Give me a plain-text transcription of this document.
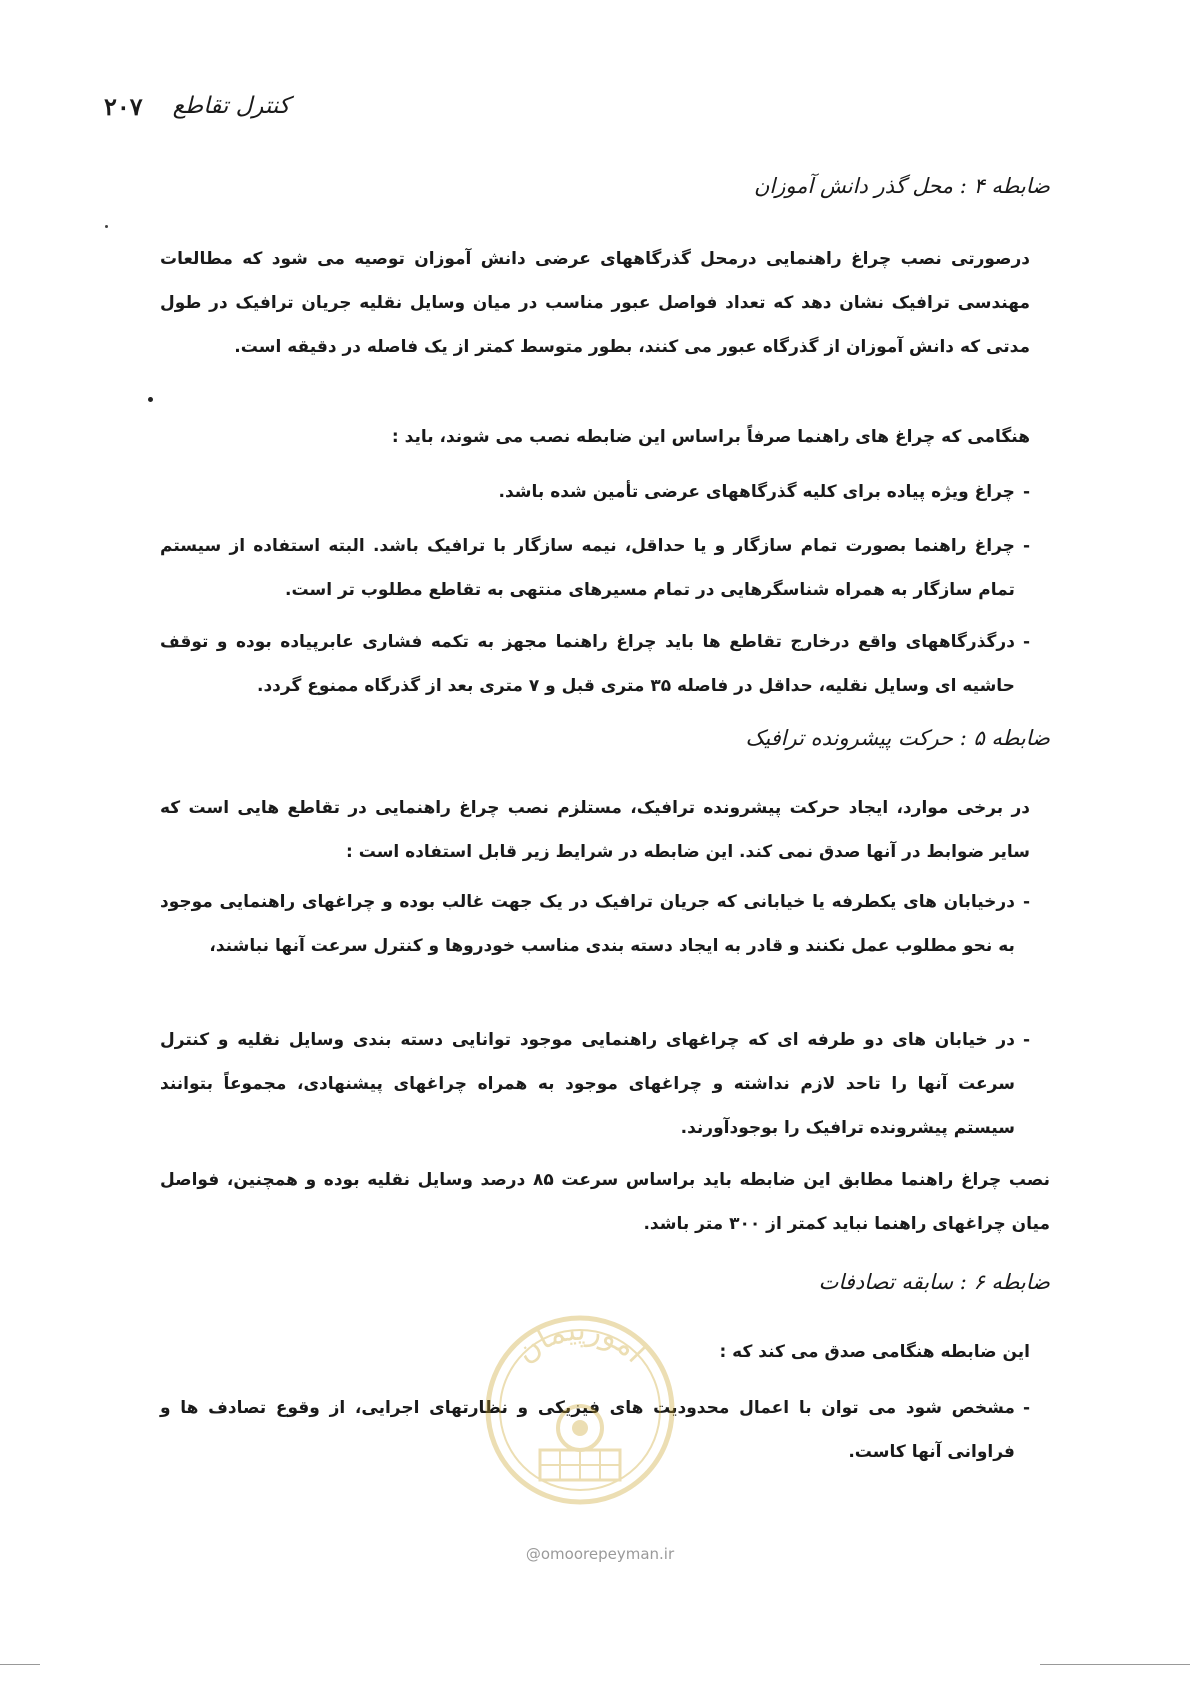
کنترل تقاطع
۲۰۷
ضابطه ۴ : محل گذر دانش آموزان

درصورتی نصب چراغ راهنمایی درمحل گذرگاههای عرضی دانش آموزان توصیه می شود که مطالعات مهندسی ترافیک نشان دهد که تعداد فواصل عبور مناسب در میان وسایل نقلیه جریان ترافیک در طول مدتی که دانش آموزان از گذرگاه عبور می کنند، بطور متوسط کمتر از یک فاصله در دقیقه است.

هنگامی که چراغ های راهنما صرفاً براساس این ضابطه نصب می شوند، باید :

-
چراغ ویژه پیاده برای کلیه گذرگاههای عرضی تأمین شده باشد.
-
چراغ راهنما بصورت تمام سازگار و یا حداقل، نیمه سازگار با ترافیک باشد. البته استفاده از سیستم تمام سازگار به همراه شناسگرهایی در تمام مسیرهای منتهی به تقاطع مطلوب تر است.
-
درگذرگاههای واقع درخارج تقاطع ها باید چراغ راهنما مجهز به تکمه فشاری عابرپیاده بوده و توقف حاشیه ای وسایل نقلیه، حداقل در فاصله ۳۵ متری قبل و ۷ متری بعد از گذرگاه ممنوع گردد.
ضابطه ۵ : حرکت پیشرونده ترافیک

در برخی موارد، ایجاد حرکت پیشرونده ترافیک، مستلزم نصب چراغ راهنمایی در تقاطع هایی است که سایر ضوابط در آنها صدق نمی کند. این ضابطه در شرایط زیر قابل استفاده است :

-
درخیابان های یکطرفه یا خیابانی که جریان ترافیک در یک جهت غالب بوده و چراغهای راهنمایی موجود به نحو مطلوب عمل نکنند و قادر به ایجاد دسته بندی مناسب خودروها و کنترل سرعت آنها نباشند،
-
در خیابان های دو طرفه ای که چراغهای راهنمایی موجود توانایی دسته بندی وسایل نقلیه و کنترل سرعت آنها را تاحد لازم نداشته و چراغهای موجود به همراه چراغهای پیشنهادی، مجموعاً بتوانند سیستم پیشرونده ترافیک را بوجودآورند.

نصب چراغ راهنما مطابق این ضابطه باید براساس سرعت ۸۵ درصد وسایل نقلیه بوده و همچنین، فواصل میان چراغهای راهنما نباید کمتر از ۳۰۰ متر باشد.

ضابطه ۶ : سابقه تصادفات

این ضابطه هنگامی صدق می کند که :

-
مشخص شود می توان با اعمال محدودیت های فیزیکی و نظارتهای اجرایی، از وقوع تصادف ها و فراوانی آنها کاست.
امورپیمان
@omoorepeyman.ir
